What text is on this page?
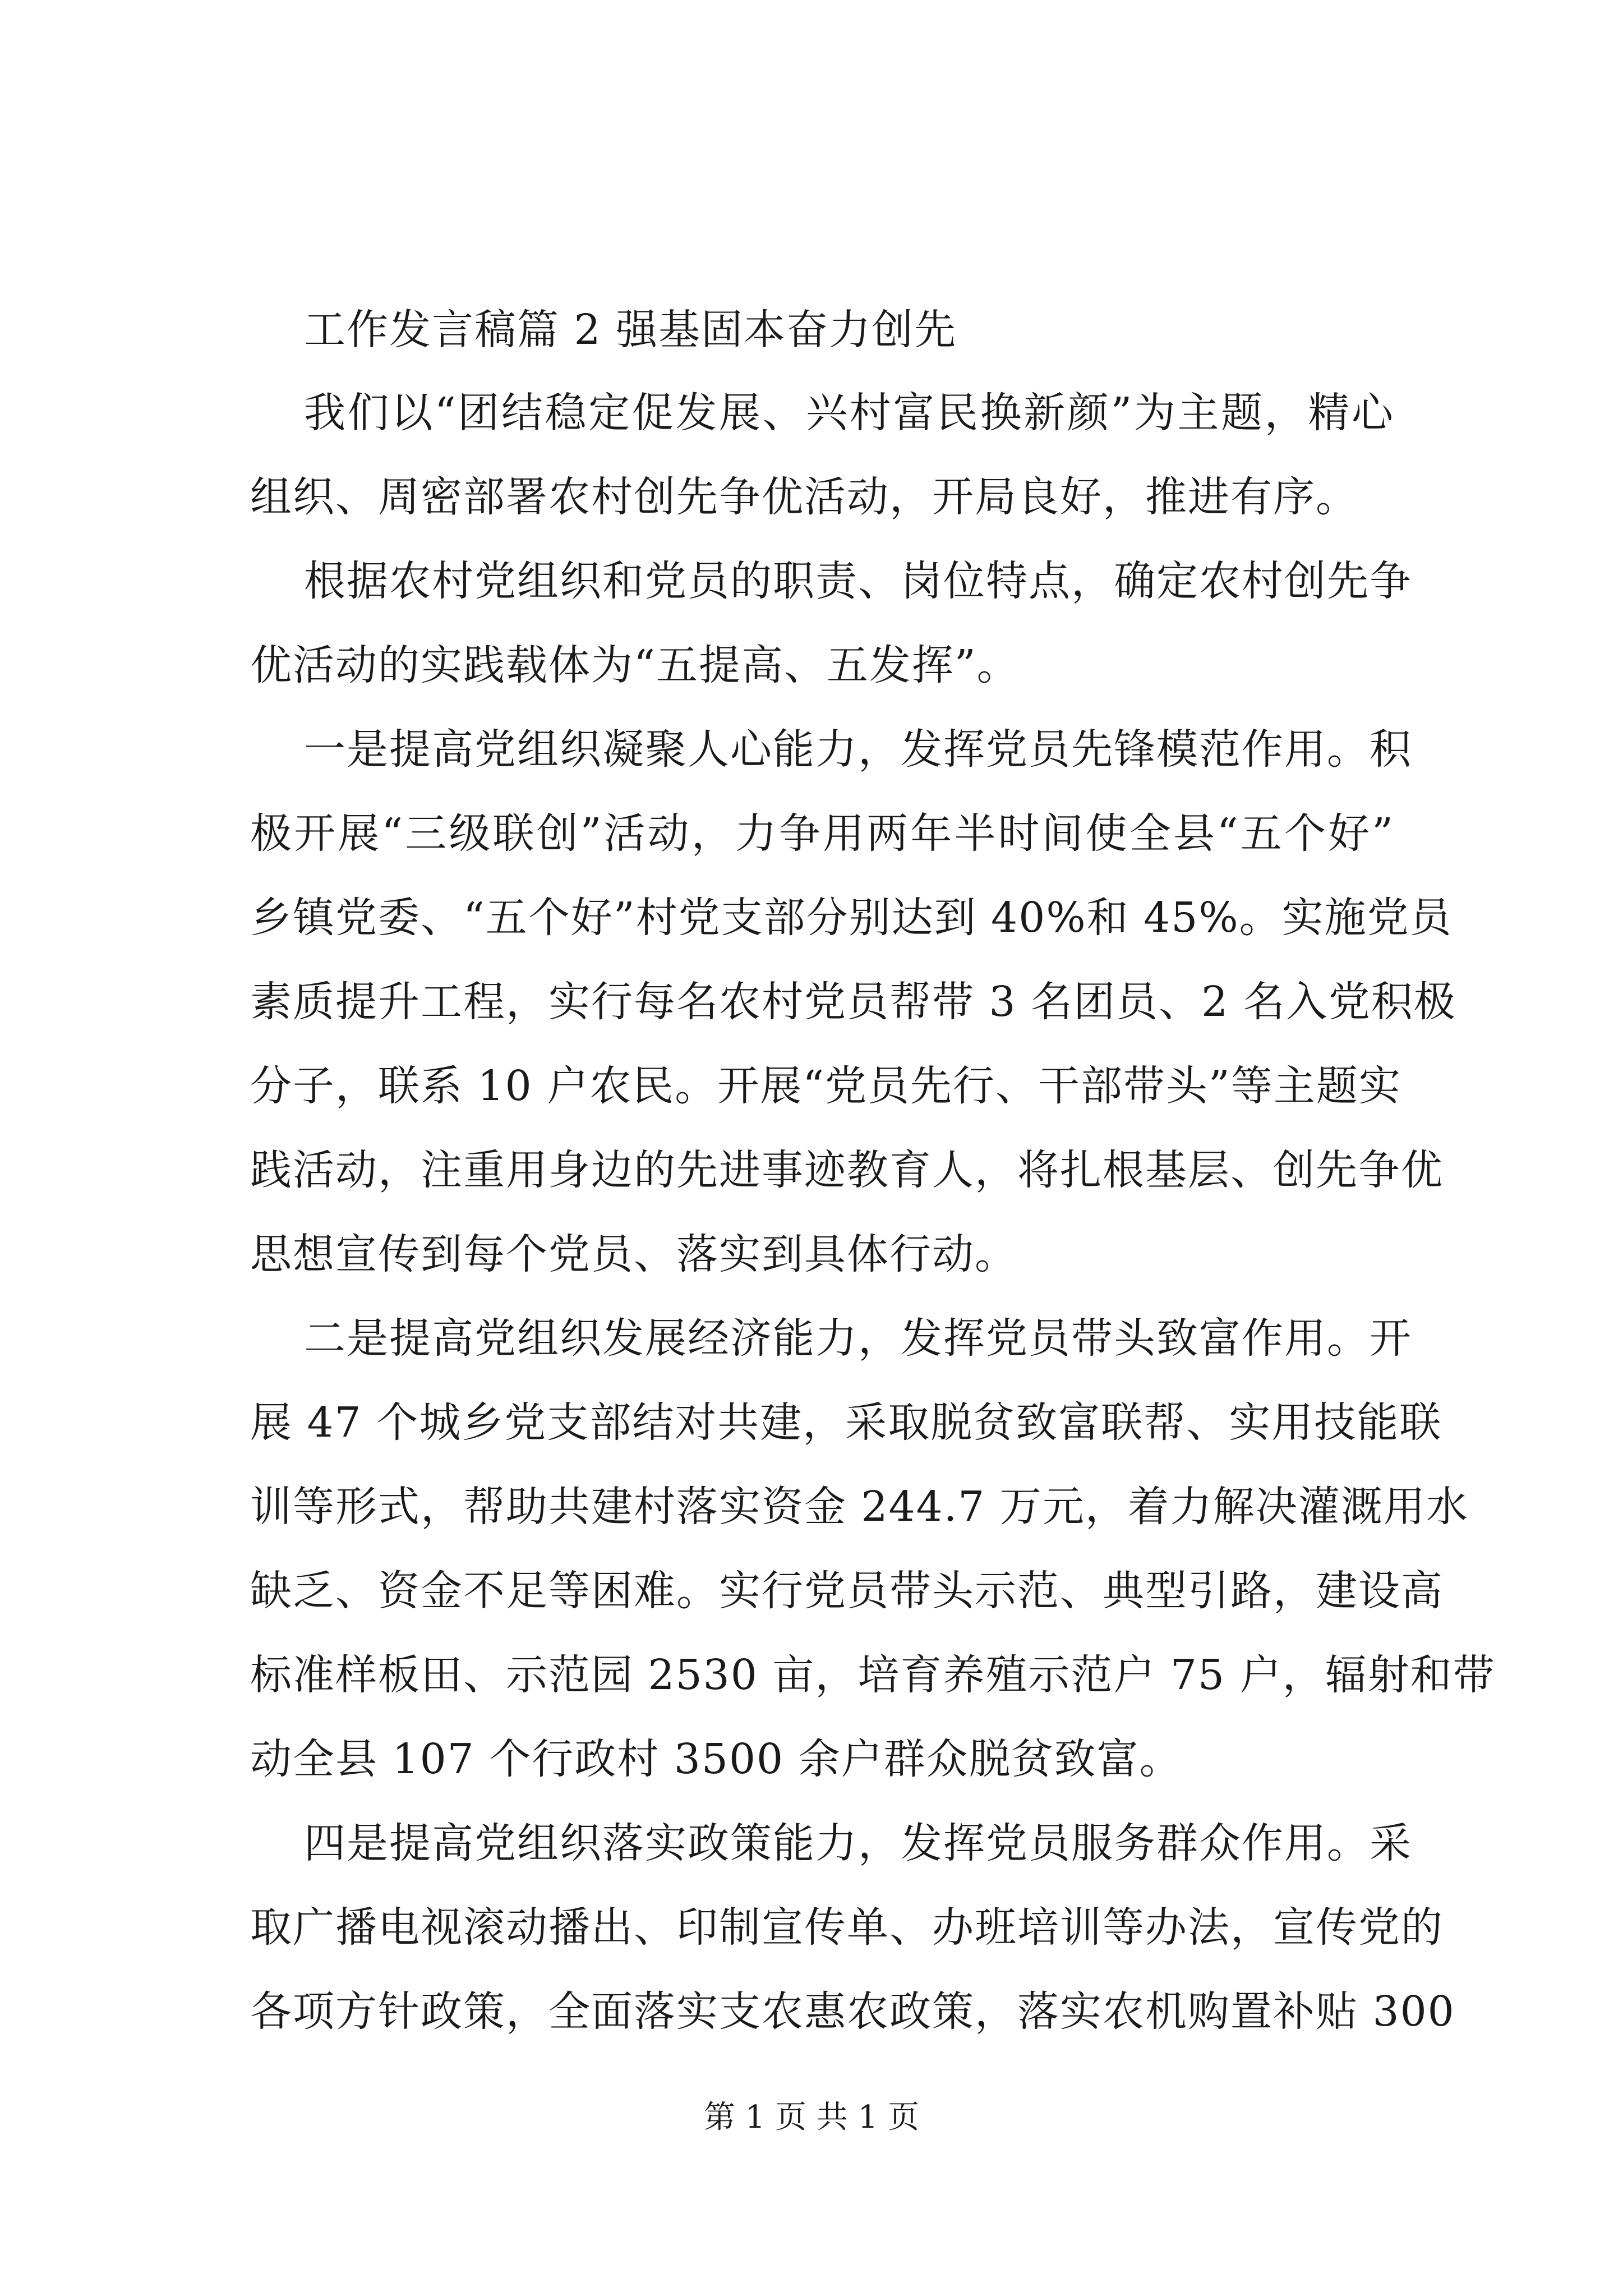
工作发言稿篇 2 强基固本奋力创先
我们以“团结稳定促发展、兴村富民换新颜”为主题，精心
组织、周密部署农村创先争优活动，开局良好，推进有序。
根据农村党组织和党员的职责、岗位特点，确定农村创先争
优活动的实践载体为“五提高、五发挥”。
一是提高党组织凝聚人心能力，发挥党员先锋模范作用。积
极开展“三级联创”活动，力争用两年半时间使全县“五个好”
乡镇党委、“五个好”村党支部分别达到 40%和 45%。实施党员
素质提升工程，实行每名农村党员帮带 3 名团员、2 名入党积极
分子，联系 10 户农民。开展“党员先行、干部带头”等主题实
践活动，注重用身边的先进事迹教育人，将扎根基层、创先争优
思想宣传到每个党员、落实到具体行动。
二是提高党组织发展经济能力，发挥党员带头致富作用。开
展 47 个城乡党支部结对共建，采取脱贫致富联帮、实用技能联
训等形式，帮助共建村落实资金 244.7 万元，着力解决灌溉用水
缺乏、资金不足等困难。实行党员带头示范、典型引路，建设高
标准样板田、示范园 2530 亩，培育养殖示范户 75 户，辐射和带
动全县 107 个行政村 3500 余户群众脱贫致富。
四是提高党组织落实政策能力，发挥党员服务群众作用。采
取广播电视滚动播出、印制宣传单、办班培训等办法，宣传党的
各项方针政策，全面落实支农惠农政策，落实农机购置补贴 300
第 1 页 共 1 页
